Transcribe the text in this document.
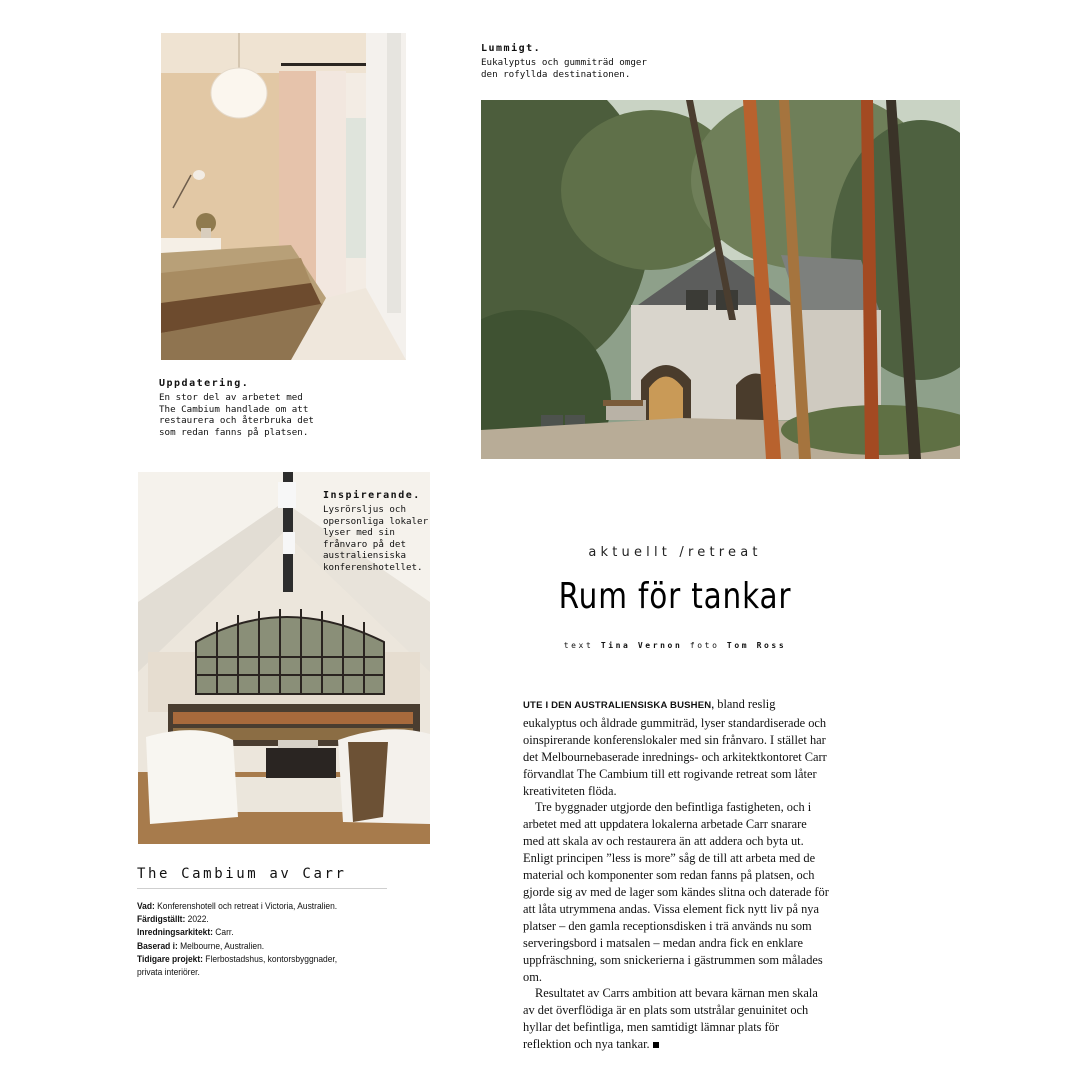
Uppdatering.
En stor del av arbetet med
The Cambium handlade om att
restaurera och återbruka det
som redan fanns på platsen.
Lummigt.
Eukalyptus och gummiträd omger
den rofyllda destinationen.
Inspirerande.
Lysrörsljus och
opersonliga lokaler
lyser med sin
frånvaro på det
australiensiska
konferenshotellet.
The Cambium av Carr
Vad: Konferenshotell och retreat i Victoria, Australien.
Färdigställt: 2022.
Inredningsarkitekt: Carr.
Baserad i: Melbourne, Australien.
Tidigare projekt: Flerbostadshus, kontorsbyggnader,
privata interiörer.
aktuellt /retreat
Rum för tankar
text Tina Vernon foto Tom Ross

UTE I DEN AUSTRALIENSISKA BUSHEN, bland reslig eukalyptus och åldrade gummiträd, lyser standardiserade och oinspirerande konferenslokaler med sin frånvaro. I stället har det Melbournebaserade inrednings- och arkitektkontoret Carr förvandlat The Cambium till ett rogivande retreat som låter kreativiteten flöda.

Tre byggnader utgjorde den befintliga fastigheten, och i arbetet med att uppdatera lokalerna arbetade Carr snarare med att skala av och restaurera än att addera och byta ut. Enligt principen ”less is more” såg de till att arbeta med de material och komponenter som redan fanns på platsen, och gjorde sig av med de lager som kändes slitna och daterade för att låta utrymmena andas. Vissa element fick nytt liv på nya platser – den gamla receptionsdisken i trä används nu som serveringsbord i matsalen – medan andra fick en enklare uppfräschning, som snickerierna i gästrummen som målades om.

Resultatet av Carrs ambition att bevara kärnan men skala av det överflödiga är en plats som utstrålar genuinitet och hyllar det befintliga, men samtidigt lämnar plats för reflektion och nya tankar.
